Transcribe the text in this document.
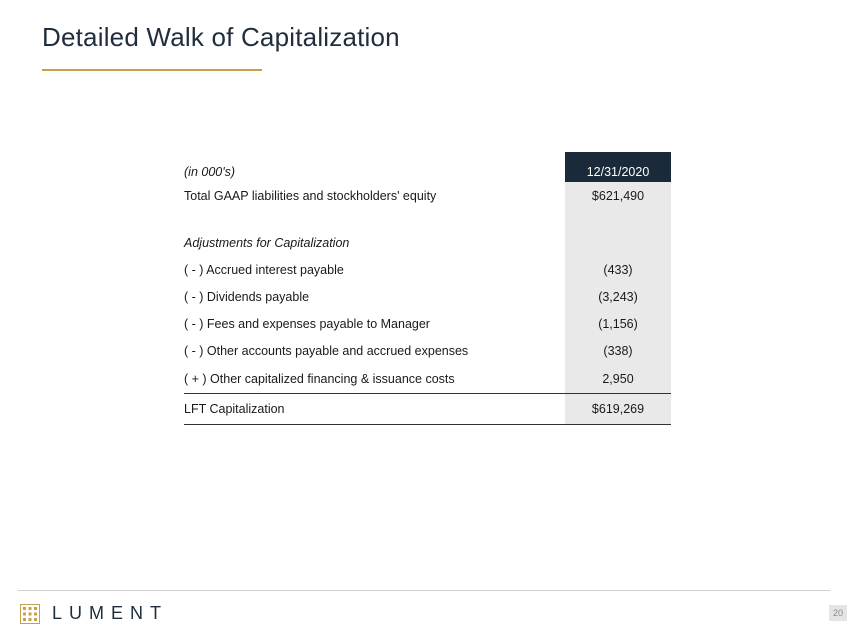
Detailed Walk of Capitalization
(in 000's)	12/31/2020
Total GAAP liabilities and stockholders' equity	$621,490
Adjustments for Capitalization
( - ) Accrued interest payable	(433)
( - ) Dividends payable	(3,243)
( - ) Fees and expenses payable to Manager	(1,156)
( - ) Other accounts payable and accrued expenses	(338)
( + ) Other capitalized financing & issuance costs	2,950
LFT Capitalization	$619,269
LUMENT	20
